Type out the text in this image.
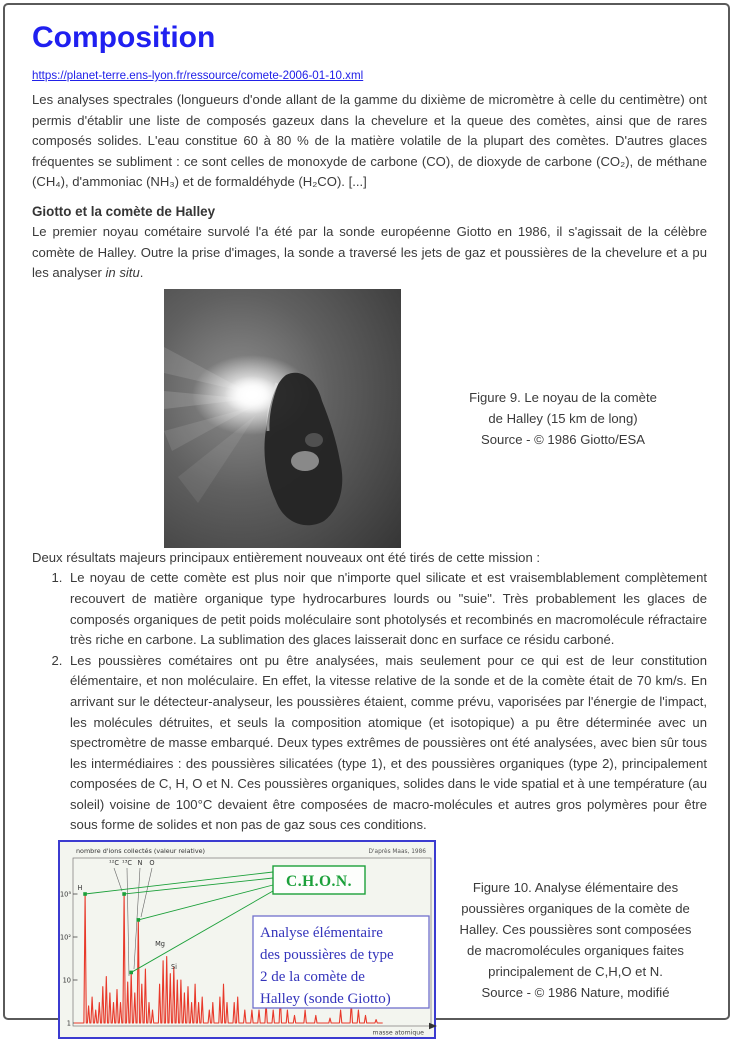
Composition
https://planet-terre.ens-lyon.fr/ressource/comete-2006-01-10.xml

Les analyses spectrales (longueurs d'onde allant de la gamme du dixième de micromètre à celle du centimètre) ont permis d'établir une liste de composés gazeux dans la chevelure et la queue des comètes, ainsi que de rares composés solides. L'eau constitue 60 à 80 % de la matière volatile de la plupart des comètes. D'autres glaces fréquentes se subliment : ce sont celles de monoxyde de carbone (CO), de dioxyde de carbone (CO₂), de méthane (CH₄), d'ammoniac (NH₃) et de formaldéhyde (H₂CO). [...]

Giotto et la comète de Halley

Le premier noyau cométaire survolé l'a été par la sonde européenne Giotto en 1986, il s'agissait de la célèbre comète de Halley. Outre la prise d'images, la sonde a traversé les jets de gaz et poussières de la chevelure et a pu les analyser in situ.

Figure 9. Le noyau de la comète
de Halley (15 km de long)
Source - © 1986 Giotto/ESA

Deux résultats majeurs principaux entièrement nouveaux ont été tirés de cette mission :

1. Le noyau de cette comète est plus noir que n'importe quel silicate et est vraisemblablement complètement recouvert de matière organique type hydrocarbures lourds ou "suie". Très probablement les glaces de composés organiques de petit poids moléculaire sont photolysés et recombinés en macromolécule réfractaire très riche en carbone. La sublimation des glaces laisserait donc en surface ce résidu carboné.
2. Les poussières cométaires ont pu être analysées, mais seulement pour ce qui est de leur constitution élémentaire, et non moléculaire. En effet, la vitesse relative de la sonde et de la comète était de 70 km/s. En arrivant sur le détecteur-analyseur, les poussières étaient, comme prévu, vaporisées par l'énergie de l'impact, les molécules détruites, et seuls la composition atomique (et isotopique) a pu être déterminée avec un spectromètre de masse embarqué. Deux types extrêmes de poussières ont été analysées, avec bien sûr tous les intermédiaires : des poussières silicatées (type 1), et des poussières organiques (type 2), principalement composées de C, H, O et N. Ces poussières organiques, solides dans le vide spatial et à une température (au soleil) voisine de 100°C devaient être composées de macro-molécules et autres gros polymères pour être sous forme de solides et non pas de gaz sous ces conditions.
nombre d'ions collectés (valeur relative)	D'après Maas, 1986
masse atomique
1
10
10²
10³
H
¹²C ¹³C N O
Mg
Si
C.H.O.N.
Analyse élémentaire
des poussières de type
2 de la comète de
Halley (sonde Giotto)
Figure 10. Analyse élémentaire des
poussières organiques de la comète de
Halley. Ces poussières sont composées
de macromolécules organiques faites
principalement de C,H,O et N.
Source - © 1986 Nature, modifié
